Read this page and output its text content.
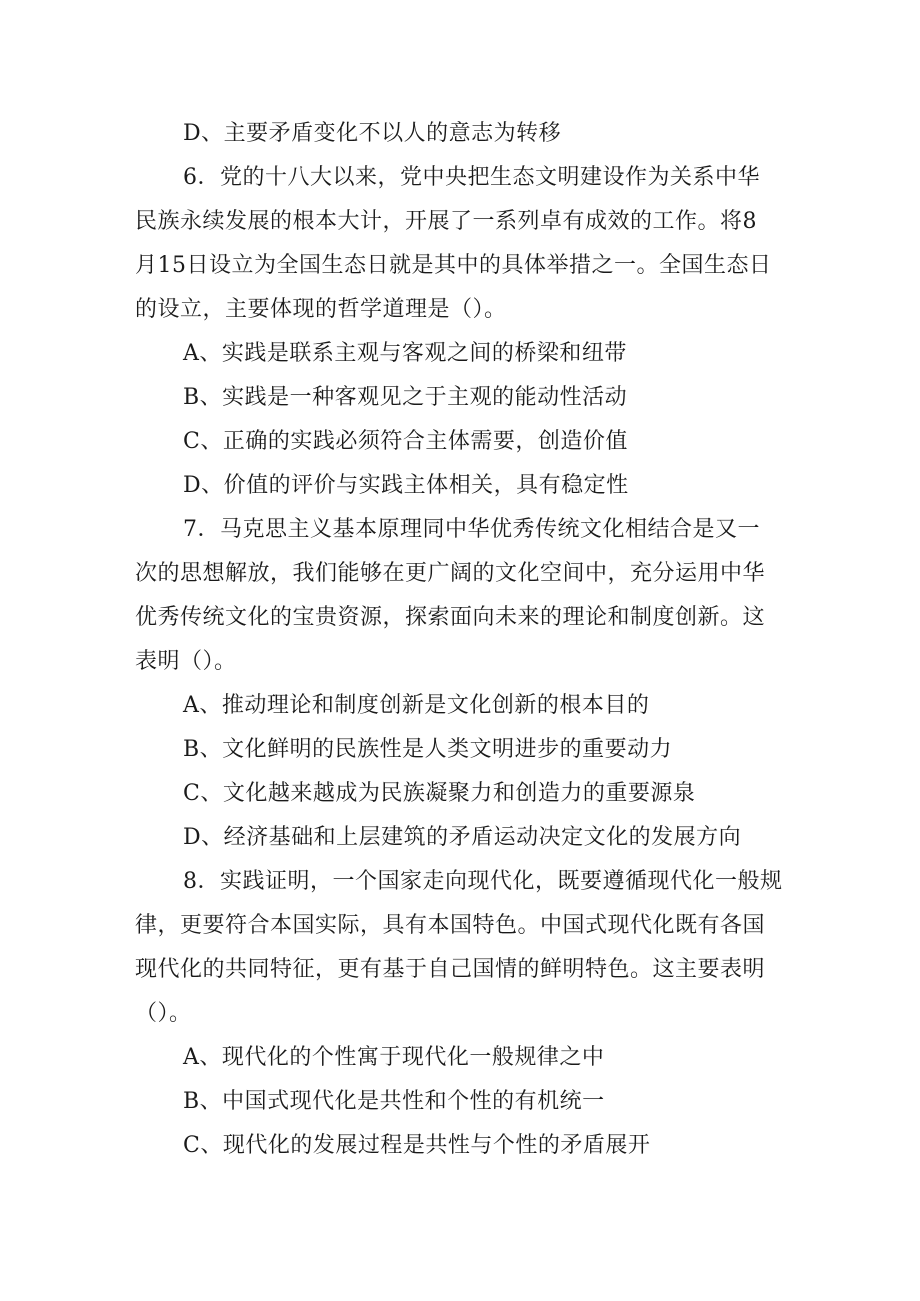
D、主要矛盾变化不以人的意志为转移
6．党的十八大以来，党中央把生态文明建设作为关系中华
民族永续发展的根本大计，开展了一系列卓有成效的工作。将8
月15日设立为全国生态日就是其中的具体举措之一。全国生态日
的设立，主要体现的哲学道理是（）。
A、实践是联系主观与客观之间的桥梁和纽带
B、实践是一种客观见之于主观的能动性活动
C、正确的实践必须符合主体需要，创造价值
D、价值的评价与实践主体相关，具有稳定性
7．马克思主义基本原理同中华优秀传统文化相结合是又一
次的思想解放，我们能够在更广阔的文化空间中，充分运用中华
优秀传统文化的宝贵资源，探索面向未来的理论和制度创新。这
表明（）。
A、推动理论和制度创新是文化创新的根本目的
B、文化鲜明的民族性是人类文明进步的重要动力
C、文化越来越成为民族凝聚力和创造力的重要源泉
D、经济基础和上层建筑的矛盾运动决定文化的发展方向
8．实践证明，一个国家走向现代化，既要遵循现代化一般规
律，更要符合本国实际，具有本国特色。中国式现代化既有各国
现代化的共同特征，更有基于自己国情的鲜明特色。这主要表明
（）。
A、现代化的个性寓于现代化一般规律之中
B、中国式现代化是共性和个性的有机统一
C、现代化的发展过程是共性与个性的矛盾展开
